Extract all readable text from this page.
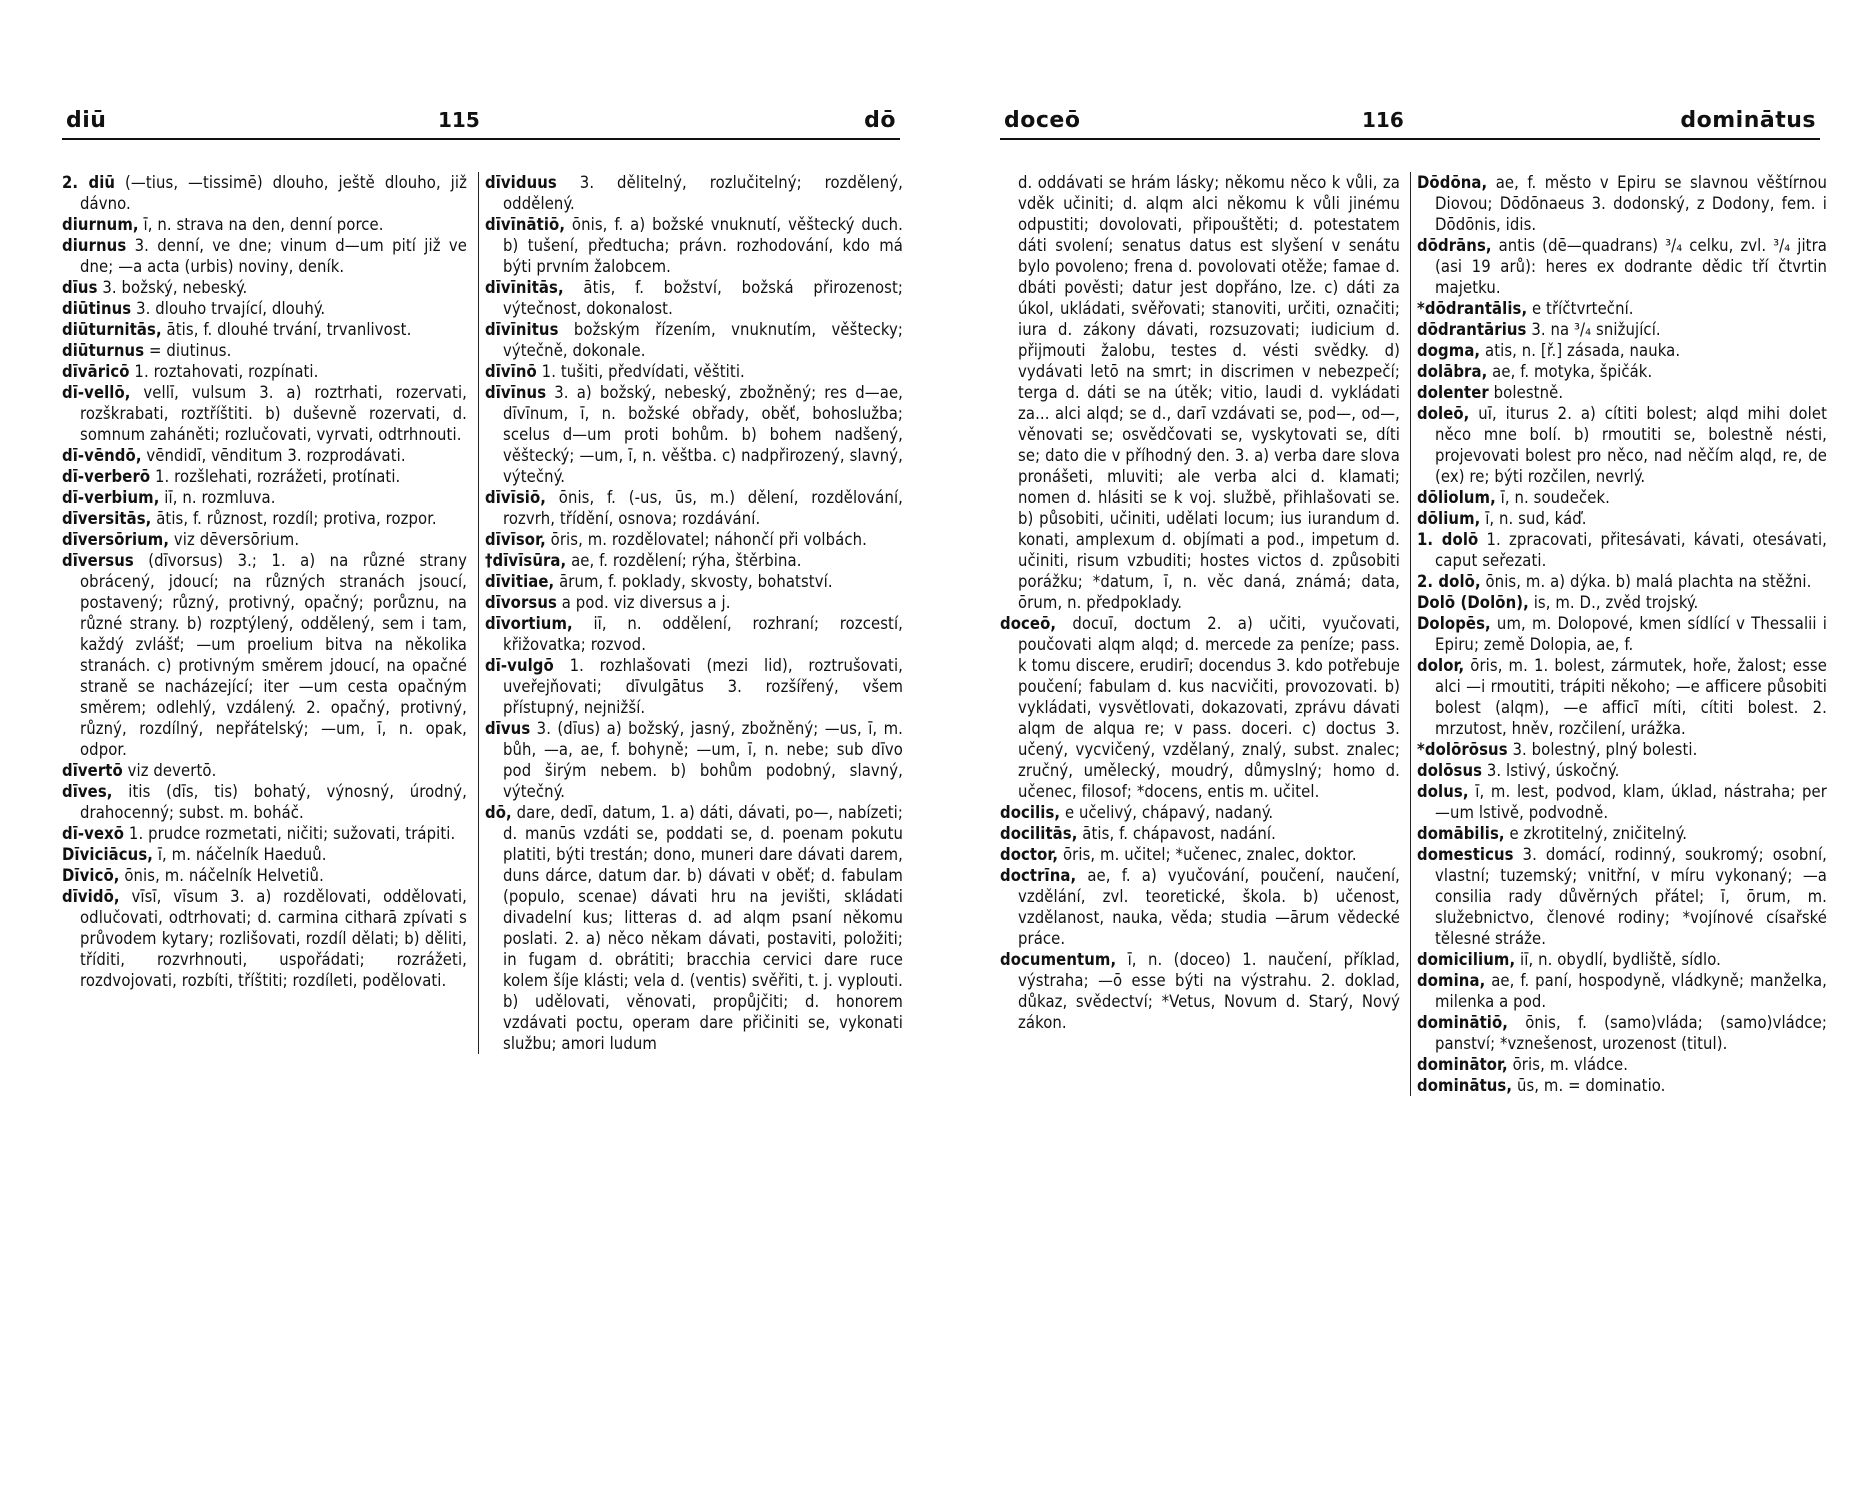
diū	115	dō

2. diū (—tius, —tissimē) dlouho, ještě dlouho, již dávno.

diurnum, ī, n. strava na den, denní porce.

diurnus 3. denní, ve dne; vinum d—um pití již ve dne; —a acta (urbis) noviny, deník.

dīus 3. božský, nebeský.

diūtinus 3. dlouho trvající, dlouhý.

diūturnitās, ātis, f. dlouhé trvání, trvanlivost.

diūturnus = diutinus.

dīvāricō 1. roztahovati, rozpínati.

dī-vellō, vellī, vulsum 3. a) roztrhati, rozervati, rozškrabati, roztříštiti. b) duševně rozervati, d. somnum zaháněti; rozlučovati, vyrvati, odtrhnouti.

dī-vēndō, vēndidī, vēnditum 3. rozprodávati.

dī-verberō 1. rozšlehati, rozrážeti, protínati.

dī-verbium, iī, n. rozmluva.

dīversitās, ātis, f. různost, rozdíl; protiva, rozpor.

dīversōrium, viz dēversōrium.

dīversus (dīvorsus) 3.; 1. a) na různé strany obrácený, jdoucí; na různých stranách jsoucí, postavený; různý, protivný, opačný; porůznu, na různé strany. b) rozptýlený, oddělený, sem i tam, každý zvlášť; —um proelium bitva na několika stranách. c) protivným směrem jdoucí, na opačné straně se nacházející; iter —um cesta opačným směrem; odlehlý, vzdálený. 2. opačný, protivný, různý, rozdílný, nepřátelský; —um, ī, n. opak, odpor.

dīvertō viz devertō.

dīves, itis (dīs, tis) bohatý, výnosný, úrodný, drahocenný; subst. m. boháč.

dī-vexō 1. prudce rozmetati, ničiti; sužovati, trápiti.

Dīviciācus, ī, m. náčelník Haeduů.

Dīvicō, ōnis, m. náčelník Helvetiů.

dīvidō, vīsī, vīsum 3. a) rozdělovati, oddělovati, odlučovati, odtrhovati; d. carmina citharā zpívati s průvodem kytary; rozlišovati, rozdíl dělati; b) děliti, tříditi, rozvrhnouti, uspořádati; rozrážeti, rozdvojovati, rozbíti, tříštiti; rozdíleti, podělovati.

dīviduus 3. dělitelný, rozlučitelný; rozdělený, oddělený.

dīvīnātiō, ōnis, f. a) božské vnuknutí, věštecký duch. b) tušení, předtucha; právn. rozhodování, kdo má býti prvním žalobcem.

dīvīnitās, ātis, f. božství, božská přirozenost; výtečnost, dokonalost.

dīvīnitus božským řízením, vnuknutím, věštecky; výtečně, dokonale.

dīvīnō 1. tušiti, předvídati, věštiti.

dīvīnus 3. a) božský, nebeský, zbožněný; res d—ae, dīvīnum, ī, n. božské obřady, oběť, bohoslužba; scelus d—um proti bohům. b) bohem nadšený, věštecký; —um, ī, n. věštba. c) nadpřirozený, slavný, výtečný.

dīvīsiō, ōnis, f. (-us, ūs, m.) dělení, rozdělování, rozvrh, třídění, osnova; rozdávání.

dīvīsor, ōris, m. rozdělovatel; náhončí při volbách.

†dīvīsūra, ae, f. rozdělení; rýha, štěrbina.

dīvitiae, ārum, f. poklady, skvosty, bohatství.

dīvorsus a pod. viz diversus a j.

dīvortium, iī, n. oddělení, rozhraní; rozcestí, křižovatka; rozvod.

dī-vulgō 1. rozhlašovati (mezi lid), roztrušovati, uveřejňovati; dīvulgātus 3. rozšířený, všem přístupný, nejnižší.

dīvus 3. (dīus) a) božský, jasný, zbožněný; —us, ī, m. bůh, —a, ae, f. bohyně; —um, ī, n. nebe; sub dīvo pod širým nebem. b) bohům podobný, slavný, výtečný.

dō, dare, dedī, datum, 1. a) dáti, dávati, po—, nabízeti; d. manūs vzdáti se, poddati se, d. poenam pokutu platiti, býti trestán; dono, muneri dare dávati darem, duns dárce, datum dar. b) dávati v oběť; d. fabulam (populo, scenae) dávati hru na jevišti, skládati divadelní kus; litteras d. ad alqm psaní někomu poslati. 2. a) něco někam dávati, postaviti, položiti; in fugam d. obrátiti; bracchia cervici dare ruce kolem šíje klásti; vela d. (ventis) svěřiti, t. j. vyplouti. b) udělovati, věnovati, propůjčiti; d. honorem vzdávati poctu, operam dare přičiniti se, vykonati službu; amori ludum

doceō	116	dominātus

d. oddávati se hrám lásky; někomu něco k vůli, za vděk učiniti; d. alqm alci někomu k vůli jinému odpustiti; dovolovati, připouštěti; d. potestatem dáti svolení; senatus datus est slyšení v senátu bylo povoleno; frena d. povolovati otěže; famae d. dbáti pověsti; datur jest dopřáno, lze. c) dáti za úkol, ukládati, svěřovati; stanoviti, určiti, označiti; iura d. zákony dávati, rozsuzovati; iudicium d. přijmouti žalobu, testes d. vésti svědky. d) vydávati letō na smrt; in discrimen v nebezpečí; terga d. dáti se na útěk; vitio, laudi d. vykládati za... alci alqd; se d., darī vzdávati se, pod—, od—, věnovati se; osvědčovati se, vyskytovati se, díti se; dato die v příhodný den. 3. a) verba dare slova pronášeti, mluviti; ale verba alci d. klamati; nomen d. hlásiti se k voj. službě, přihlašovati se. b) působiti, učiniti, udělati locum; ius iurandum d. konati, amplexum d. objímati a pod., impetum d. učiniti, risum vzbuditi; hostes victos d. způsobiti porážku; *datum, ī, n. věc daná, známá; data, ōrum, n. předpoklady.

doceō, docuī, doctum 2. a) učiti, vyučovati, poučovati alqm alqd; d. mercede za peníze; pass. k tomu discere, erudirī; docendus 3. kdo potřebuje poučení; fabulam d. kus nacvičiti, provozovati. b) vykládati, vysvětlovati, dokazovati, zprávu dávati alqm de alqua re; v pass. doceri. c) doctus 3. učený, vycvičený, vzdělaný, znalý, subst. znalec; zručný, umělecký, moudrý, důmyslný; homo d. učenec, filosof; *docens, entis m. učitel.

docilis, e učelivý, chápavý, nadaný.

docilitās, ātis, f. chápavost, nadání.

doctor, ōris, m. učitel; *učenec, znalec, doktor.

doctrīna, ae, f. a) vyučování, poučení, naučení, vzdělání, zvl. teoretické, škola. b) učenost, vzdělanost, nauka, věda; studia —ārum vědecké práce.

documentum, ī, n. (doceo) 1. naučení, příklad, výstraha; —ō esse býti na výstrahu. 2. doklad, důkaz, svědectví; *Vetus, Novum d. Starý, Nový zákon.

Dōdōna, ae, f. město v Epiru se slavnou věštírnou Diovou; Dōdōnaeus 3. dodonský, z Dodony, fem. i Dōdōnis, idis.

dōdrāns, antis (dē—quadrans) ³/₄ celku, zvl. ³/₄ jitra (asi 19 arů): heres ex dodrante dědic tří čtvrtin majetku.

*dōdrantālis, e tříčtvrteční.

dōdrantārius 3. na ³/₄ snižující.

dogma, atis, n. [ř.] zásada, nauka.

dolābra, ae, f. motyka, špičák.

dolenter bolestně.

doleō, uī, iturus 2. a) cítiti bolest; alqd mihi dolet něco mne bolí. b) rmoutiti se, bolestně nésti, projevovati bolest pro něco, nad něčím alqd, re, de (ex) re; býti rozčilen, nevrlý.

dōliolum, ī, n. soudeček.

dōlium, ī, n. sud, káď.

1. dolō 1. zpracovati, přitesávati, kávati, otesávati, caput seřezati.

2. dolō, ōnis, m. a) dýka. b) malá plachta na stěžni.

Dolō (Dolōn), is, m. D., zvěd trojský.

Dolopēs, um, m. Dolopové, kmen sídlící v Thessalii i Epiru; země Dolopia, ae, f.

dolor, ōris, m. 1. bolest, zármutek, hoře, žalost; esse alci —i rmoutiti, trápiti někoho; —e afficere působiti bolest (alqm), —e afficī míti, cítiti bolest. 2. mrzutost, hněv, rozčilení, urážka.

*dolōrōsus 3. bolestný, plný bolesti.

dolōsus 3. lstivý, úskočný.

dolus, ī, m. lest, podvod, klam, úklad, nástraha; per —um lstivě, podvodně.

domābilis, e zkrotitelný, zničitelný.

domesticus 3. domácí, rodinný, soukromý; osobní, vlastní; tuzemský; vnitřní, v míru vykonaný; —a consilia rady důvěrných přátel; ī, ōrum, m. služebnictvo, členové rodiny; *vojínové císařské tělesné stráže.

domicilium, iī, n. obydlí, bydliště, sídlo.

domina, ae, f. paní, hospodyně, vládkyně; manželka, milenka a pod.

dominātiō, ōnis, f. (samo)vláda; (samo)vládce; panství; *vznešenost, urozenost (titul).

dominātor, ōris, m. vládce.

dominātus, ūs, m. = dominatio.
